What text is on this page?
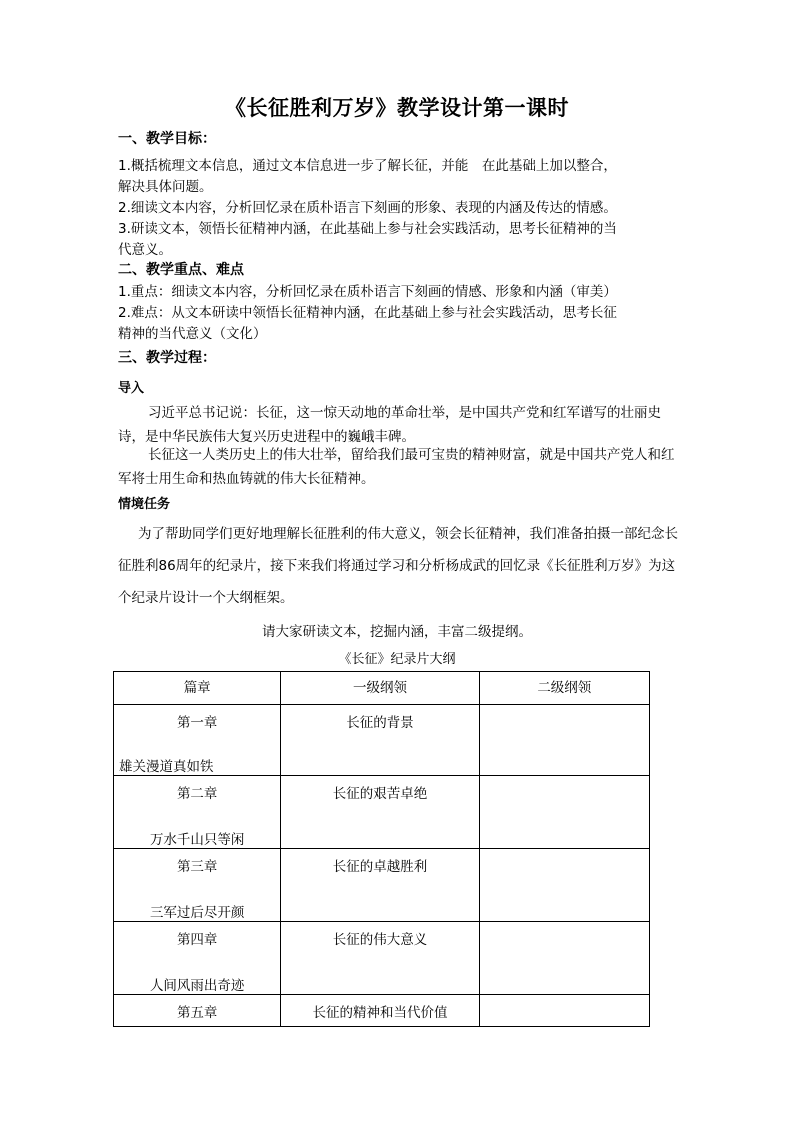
《长征胜利万岁》教学设计第一课时
一、教学目标：
1.概括梳理文本信息，通过文本信息进一步了解长征，并能　在此基础上加以整合，
解决具体问题。
2.细读文本内容，分析回忆录在质朴语言下刻画的形象、表现的内涵及传达的情感。
3.研读文本，领悟长征精神内涵，在此基础上参与社会实践活动，思考长征精神的当
代意义。
二、教学重点、难点
1.重点：细读文本内容，分析回忆录在质朴语言下刻画的情感、形象和内涵（审美）
2.难点：从文本研读中领悟长征精神内涵，在此基础上参与社会实践活动，思考长征
精神的当代意义（文化）
三、教学过程：
导入
习近平总书记说：长征，这一惊天动地的革命壮举，是中国共产党和红军谱写的壮丽史诗，是中华民族伟大复兴历史进程中的巍峨丰碑。
长征这一人类历史上的伟大壮举，留给我们最可宝贵的精神财富，就是中国共产党人和红军将士用生命和热血铸就的伟大长征精神。
情境任务
为了帮助同学们更好地理解长征胜利的伟大意义，领会长征精神，我们准备拍摄一部纪念长征胜利86周年的纪录片，接下来我们将通过学习和分析杨成武的回忆录《长征胜利万岁》为这个纪录片设计一个大纲框架。
请大家研读文本，挖掘内涵，丰富二级提纲。
《长征》纪录片大纲
篇章	一级纲领	二级纲领

第一章
雄关漫道真如铁	长征的背景	

第二章
万水千山只等闲	长征的艰苦卓绝	

第三章
三军过后尽开颜	长征的卓越胜利	

第四章
人间风雨出奇迹	长征的伟大意义	

第五章	长征的精神和当代价值	
